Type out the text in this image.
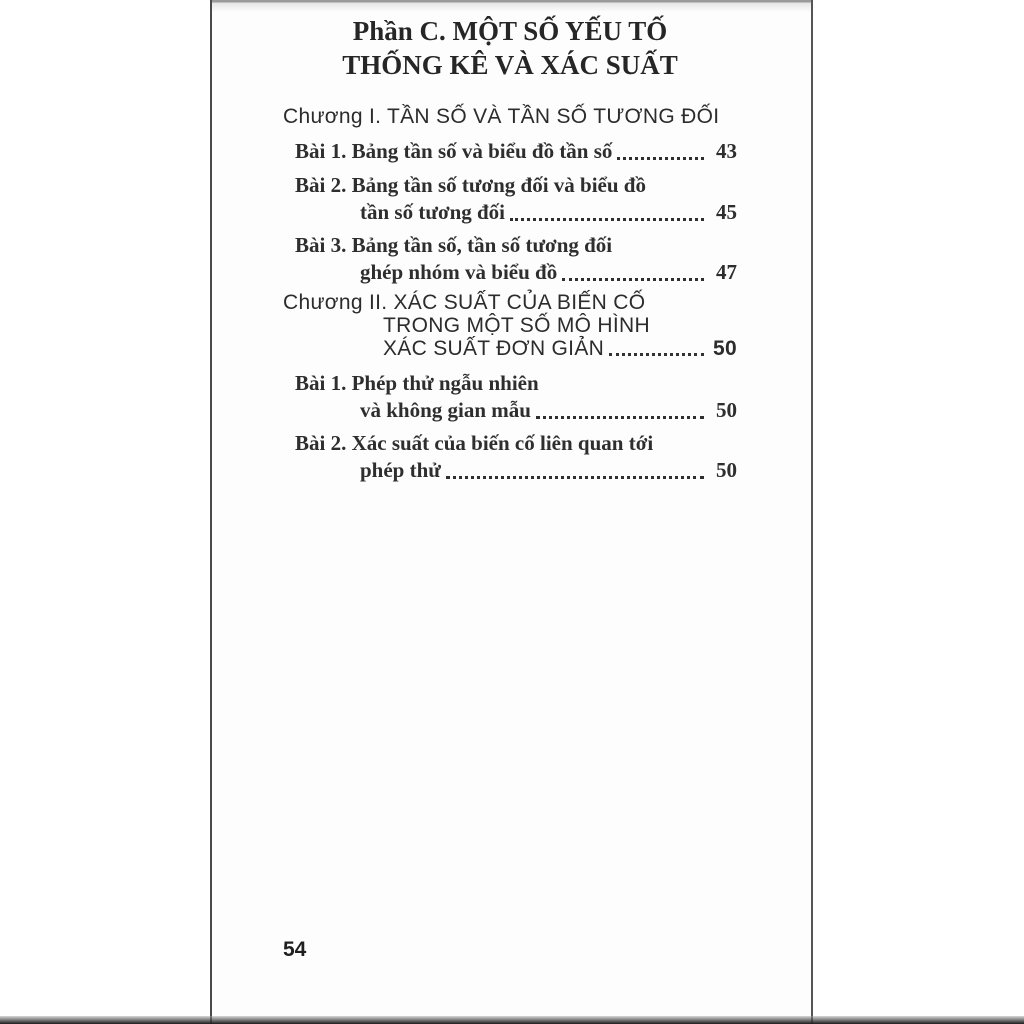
Phần C. MỘT SỐ YẾU TỐ
THỐNG KÊ VÀ XÁC SUẤT
Chương I. TẦN SỐ VÀ TẦN SỐ TƯƠNG ĐỐI
Bài 1. Bảng tần số và biểu đồ tần số	43
Bài 2. Bảng tần số tương đối và biểu đồ
tần số tương đối	45
Bài 3. Bảng tần số, tần số tương đối
ghép nhóm và biểu đồ	47
Chương II. XÁC SUẤT CỦA BIẾN CỐ
TRONG MỘT SỐ MÔ HÌNH
XÁC SUẤT ĐƠN GIẢN	50
Bài 1. Phép thử ngẫu nhiên
và không gian mẫu	50
Bài 2. Xác suất của biến cố liên quan tới
phép thử	50
54
